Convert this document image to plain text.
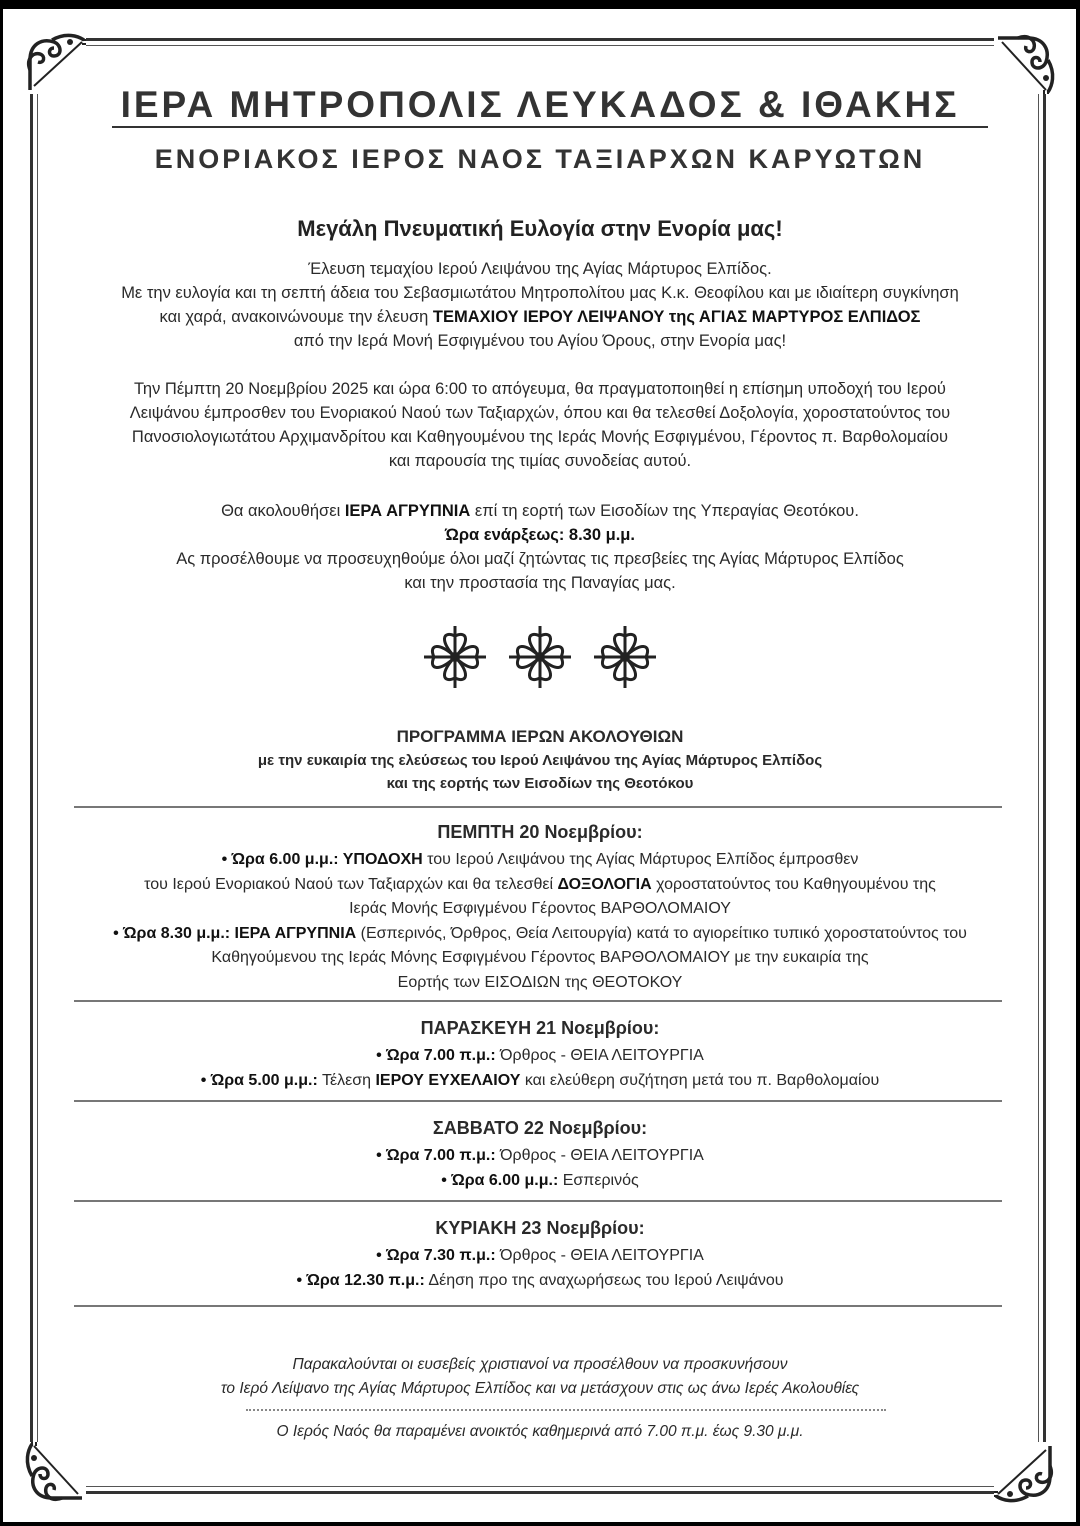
ΙΕΡΑ ΜΗΤΡΟΠΟΛΙΣ ΛΕΥΚΑΔΟΣ & ΙΘΑΚΗΣ
ΕΝΟΡΙΑΚΟΣ ΙΕΡΟΣ ΝΑΟΣ ΤΑΞΙΑΡΧΩΝ ΚΑΡΥΩΤΩΝ
Μεγάλη Πνευματική Ευλογία στην Ενορία μας!
Έλευση τεμαχίου Ιερού Λειψάνου της Αγίας Μάρτυρος Ελπίδος.
Με την ευλογία και τη σεπτή άδεια του Σεβασμιωτάτου Μητροπολίτου μας Κ.κ. Θεοφίλου και με ιδιαίτερη συγκίνηση
και χαρά, ανακοινώνουμε την έλευση ΤΕΜΑΧΙΟΥ ΙΕΡΟΥ ΛΕΙΨΑΝΟΥ της ΑΓΙΑΣ ΜΑΡΤΥΡΟΣ ΕΛΠΙΔΟΣ
από την Ιερά Μονή Εσφιγμένου του Αγίου Όρους, στην Ενορία μας!
Την Πέμπτη 20 Νοεμβρίου 2025 και ώρα 6:00 το απόγευμα, θα πραγματοποιηθεί η επίσημη υποδοχή του Ιερού
Λειψάνου έμπροσθεν του Ενοριακού Ναού των Ταξιαρχών, όπου και θα τελεσθεί Δοξολογία, χοροστατούντος του
Πανοσιολογιωτάτου Αρχιμανδρίτου και Καθηγουμένου της Ιεράς Μονής Εσφιγμένου, Γέροντος π. Βαρθολομαίου
και παρουσία της τιμίας συνοδείας αυτού.
Θα ακολουθήσει ΙΕΡΑ ΑΓΡΥΠΝΙΑ επί τη εορτή των Εισοδίων της Υπεραγίας Θεοτόκου.
Ώρα ενάρξεως: 8.30 μ.μ.
Ας προσέλθουμε να προσευχηθούμε όλοι μαζί ζητώντας τις πρεσβείες της Αγίας Μάρτυρος Ελπίδος
και την προστασία της Παναγίας μας.
ΠΡΟΓΡΑΜΜΑ ΙΕΡΩΝ ΑΚΟΛΟΥΘΙΩΝ
με την ευκαιρία της ελεύσεως του Ιερού Λειψάνου της Αγίας Μάρτυρος Ελπίδος
και της εορτής των Εισοδίων της Θεοτόκου
ΠΕΜΠΤΗ 20 Νοεμβρίου:
• Ώρα 6.00 μ.μ.: ΥΠΟΔΟΧΗ του Ιερού Λειψάνου της Αγίας Μάρτυρος Ελπίδος έμπροσθεν
του Ιερού Ενοριακού Ναού των Ταξιαρχών και θα τελεσθεί ΔΟΞΟΛΟΓΙΑ χοροστατούντος του Καθηγουμένου της
Ιεράς Μονής Εσφιγμένου Γέροντος ΒΑΡΘΟΛΟΜΑΙΟΥ
• Ώρα 8.30 μ.μ.: ΙΕΡΑ ΑΓΡΥΠΝΙΑ (Εσπερινός, Όρθρος, Θεία Λειτουργία) κατά το αγιορείτικο τυπικό χοροστατούντος του
Καθηγούμενου της Ιεράς Μόνης Εσφιγμένου Γέροντος ΒΑΡΘΟΛΟΜΑΙΟΥ με την ευκαιρία της
Εορτής των ΕΙΣΟΔΙΩΝ της ΘΕΟΤΟΚΟΥ
ΠΑΡΑΣΚΕΥΗ 21 Νοεμβρίου:
• Ώρα 7.00 π.μ.: Όρθρος - ΘΕΙΑ ΛΕΙΤΟΥΡΓΙΑ
• Ώρα 5.00 μ.μ.: Τέλεση ΙΕΡΟΥ ΕΥΧΕΛΑΙΟΥ και ελεύθερη συζήτηση μετά του π. Βαρθολομαίου
ΣΑΒΒΑΤΟ 22 Νοεμβρίου:
• Ώρα 7.00 π.μ.: Όρθρος - ΘΕΙΑ ΛΕΙΤΟΥΡΓΙΑ
• Ώρα 6.00 μ.μ.: Εσπερινός
ΚΥΡΙΑΚΗ 23 Νοεμβρίου:
• Ώρα 7.30 π.μ.: Όρθρος - ΘΕΙΑ ΛΕΙΤΟΥΡΓΙΑ
• Ώρα 12.30 π.μ.: Δέηση προ της αναχωρήσεως του Ιερού Λειψάνου
Παρακαλούνται οι ευσεβείς χριστιανοί να προσέλθουν να προσκυνήσουν
το Ιερό Λείψανο της Αγίας Μάρτυρος Ελπίδος και να μετάσχουν στις ως άνω Ιερές Ακολουθίες
Ο Ιερός Ναός θα παραμένει ανοικτός καθημερινά από 7.00 π.μ. έως 9.30 μ.μ.
